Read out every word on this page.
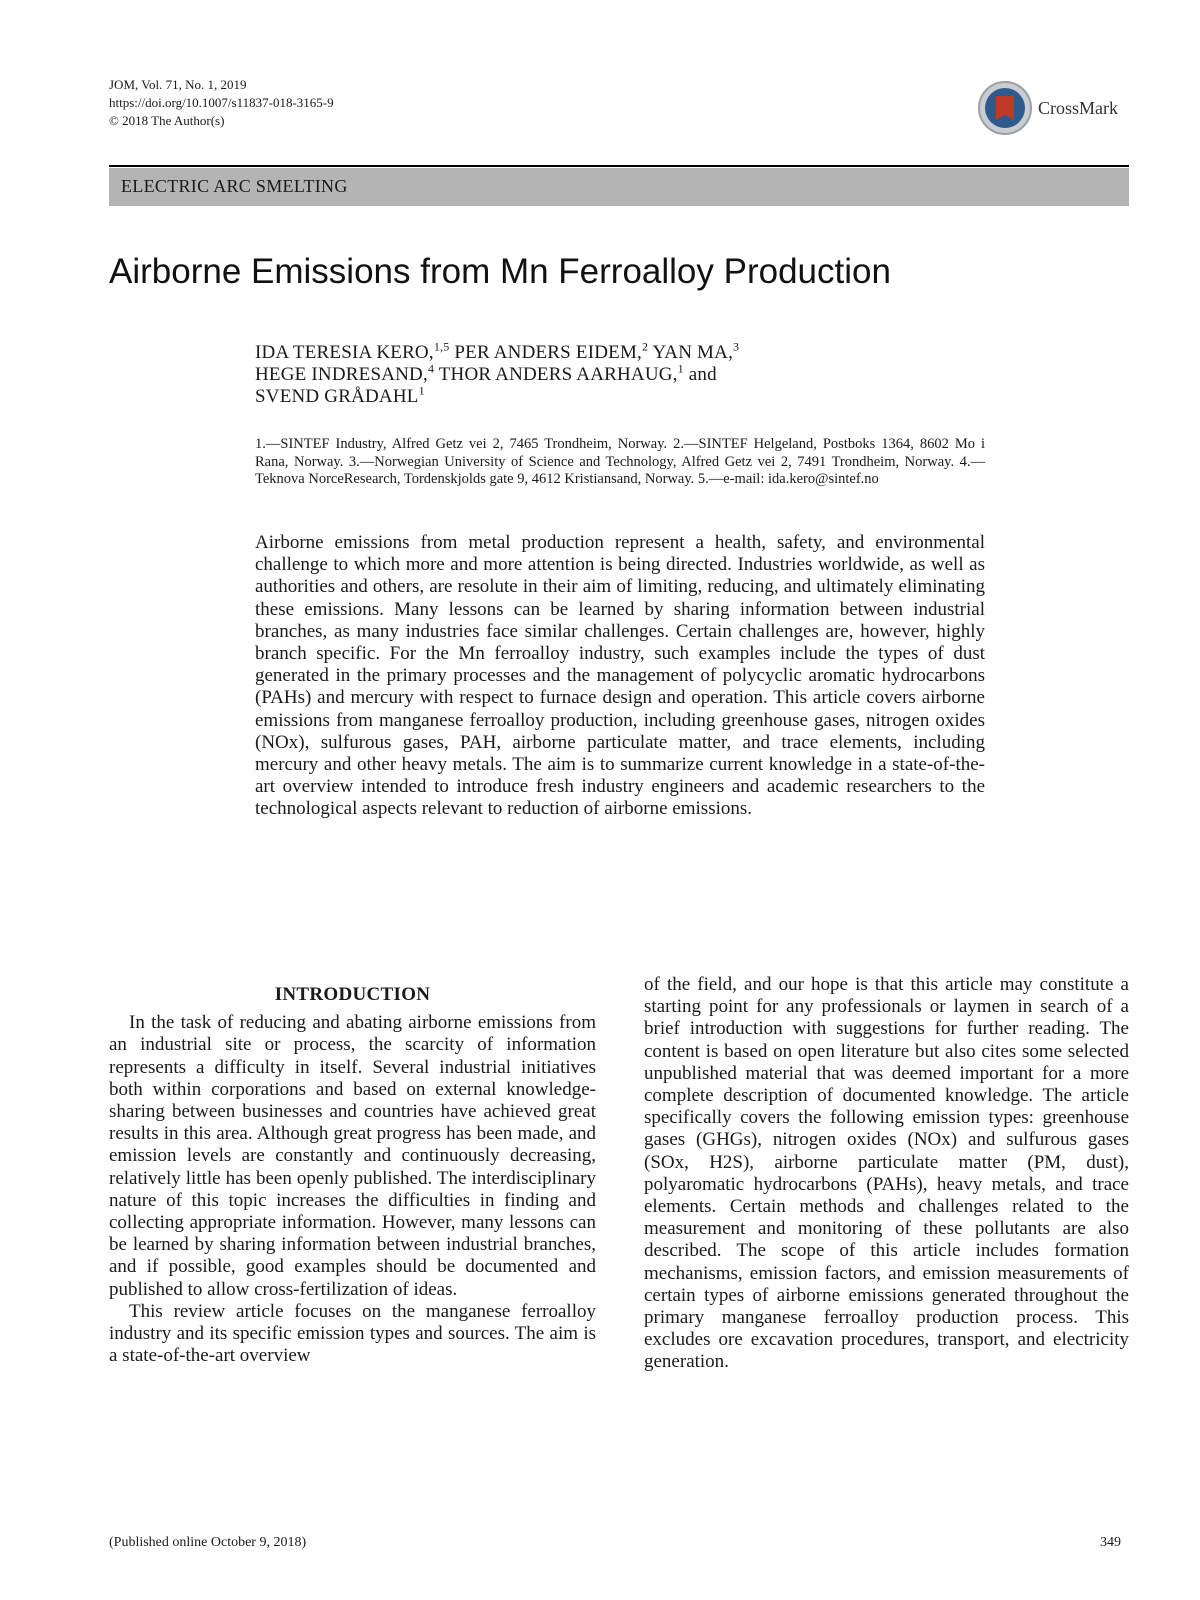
JOM, Vol. 71, No. 1, 2019
https://doi.org/10.1007/s11837-018-3165-9
© 2018 The Author(s)
CrossMark
ELECTRIC ARC SMELTING
Airborne Emissions from Mn Ferroalloy Production
IDA TERESIA KERO,$^{1,5}$ PER ANDERS EIDEM,$^2$ YAN MA,$^3$
HEGE INDRESAND,$^4$ THOR ANDERS AARHAUG,$^1$ and
SVEND GRÅDAHL$^1$
1.—SINTEF Industry, Alfred Getz vei 2, 7465 Trondheim, Norway. 2.—SINTEF Helgeland, Postboks 1364, 8602 Mo i Rana, Norway. 3.—Norwegian University of Science and Technology, Alfred Getz vei 2, 7491 Trondheim, Norway. 4.—Teknova NorceResearch, Tordenskjolds gate 9, 4612 Kristiansand, Norway. 5.—e-mail: ida.kero@sintef.no
Airborne emissions from metal production represent a health, safety, and environmental challenge to which more and more attention is being directed. Industries worldwide, as well as authorities and others, are resolute in their aim of limiting, reducing, and ultimately eliminating these emissions. Many lessons can be learned by sharing information between industrial branches, as many industries face similar challenges. Certain challenges are, however, highly branch specific. For the Mn ferroalloy industry, such examples include the types of dust generated in the primary processes and the management of polycyclic aromatic hydrocarbons (PAHs) and mercury with respect to furnace design and operation. This article covers airborne emissions from manganese ferroalloy production, including greenhouse gases, nitrogen oxides (NOx), sulfurous gases, PAH, airborne particulate matter, and trace elements, including mercury and other heavy metals. The aim is to summarize current knowledge in a state-of-the-art overview intended to introduce fresh industry engineers and academic researchers to the technological aspects relevant to reduction of airborne emissions.
INTRODUCTION

In the task of reducing and abating airborne emissions from an industrial site or process, the scarcity of information represents a difficulty in itself. Several industrial initiatives both within corporations and based on external knowledge-sharing between businesses and countries have achieved great results in this area. Although great progress has been made, and emission levels are constantly and continuously decreasing, relatively little has been openly published. The interdisciplinary nature of this topic increases the difficulties in finding and collecting appropriate information. However, many lessons can be learned by sharing information between industrial branches, and if possible, good examples should be documented and published to allow cross-fertilization of ideas.

This review article focuses on the manganese ferroalloy industry and its specific emission types and sources. The aim is a state-of-the-art overview

of the field, and our hope is that this article may constitute a starting point for any professionals or laymen in search of a brief introduction with suggestions for further reading. The content is based on open literature but also cites some selected unpublished material that was deemed important for a more complete description of documented knowledge. The article specifically covers the following emission types: greenhouse gases (GHGs), nitrogen oxides (NOx) and sulfurous gases (SOx, H2S), airborne particulate matter (PM, dust), polyaromatic hydrocarbons (PAHs), heavy metals, and trace elements. Certain methods and challenges related to the measurement and monitoring of these pollutants are also described. The scope of this article includes formation mechanisms, emission factors, and emission measurements of certain types of airborne emissions generated throughout the primary manganese ferroalloy production process. This excludes ore excavation procedures, transport, and electricity generation.

(Published online October 9, 2018)	349
